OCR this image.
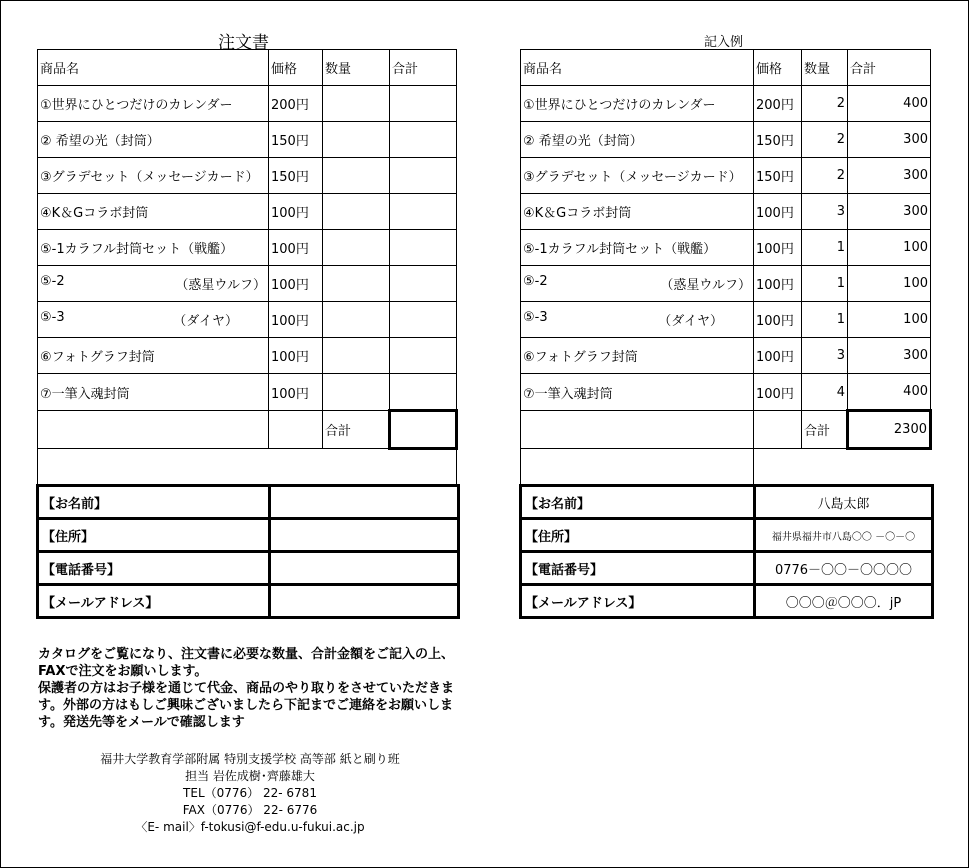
注文書	記入例
商品名	価格	数量	合計

①世界にひとつだけのカレンダー	200円		

② 希望の光（封筒）	150円		

③グラデセット（メッセージカード）	150円		

④K＆Gコラボ封筒	100円		

⑤-1カラフル封筒セット（戦艦）	100円		

⑤-2 （惑星ウルフ）	100円		

⑤-3 （ダイヤ）	100円		

⑥フォトグラフ封筒	100円		

⑦一筆入魂封筒	100円		
		合計	

商品名	価格	数量	合計

①世界にひとつだけのカレンダー	200円	2	400

② 希望の光（封筒）	150円	2	300

③グラデセット（メッセージカード）	150円	2	300

④K＆Gコラボ封筒	100円	3	300

⑤-1カラフル封筒セット（戦艦）	100円	1	100

⑤-2 （惑星ウルフ）	100円	1	100

⑤-3 （ダイヤ）	100円	1	100

⑥フォトグラフ封筒	100円	3	300

⑦一筆入魂封筒	100円	4	400
		合計	2300

【お名前】	
【住所】	
【電話番号】	
【メールアドレス】	
【お名前】	八島太郎
【住所】	福井県福井市八島〇〇 －〇－〇
【電話番号】	0776－〇〇－〇〇〇〇
【メールアドレス】	〇〇〇＠〇〇〇．jP

カタログをご覧になり、注文書に必要な数量、合計金額をご記入の上、FAXで注文をお願いします。

保護者の方はお子様を通じて代金、商品のやり取りをさせていただきます。外部の方はもしご興味ございましたら下記までご連絡をお願いします。発送先等をメールで確認します

福井大学教育学部附属 特別支援学校 高等部 紙と刷り班
担当 岩佐成樹･齊藤雄大
TEL（0776） 22- 6781
FAX（0776） 22- 6776
〈E- mail〉f-tokusi@f-edu.u-fukui.ac.jp
